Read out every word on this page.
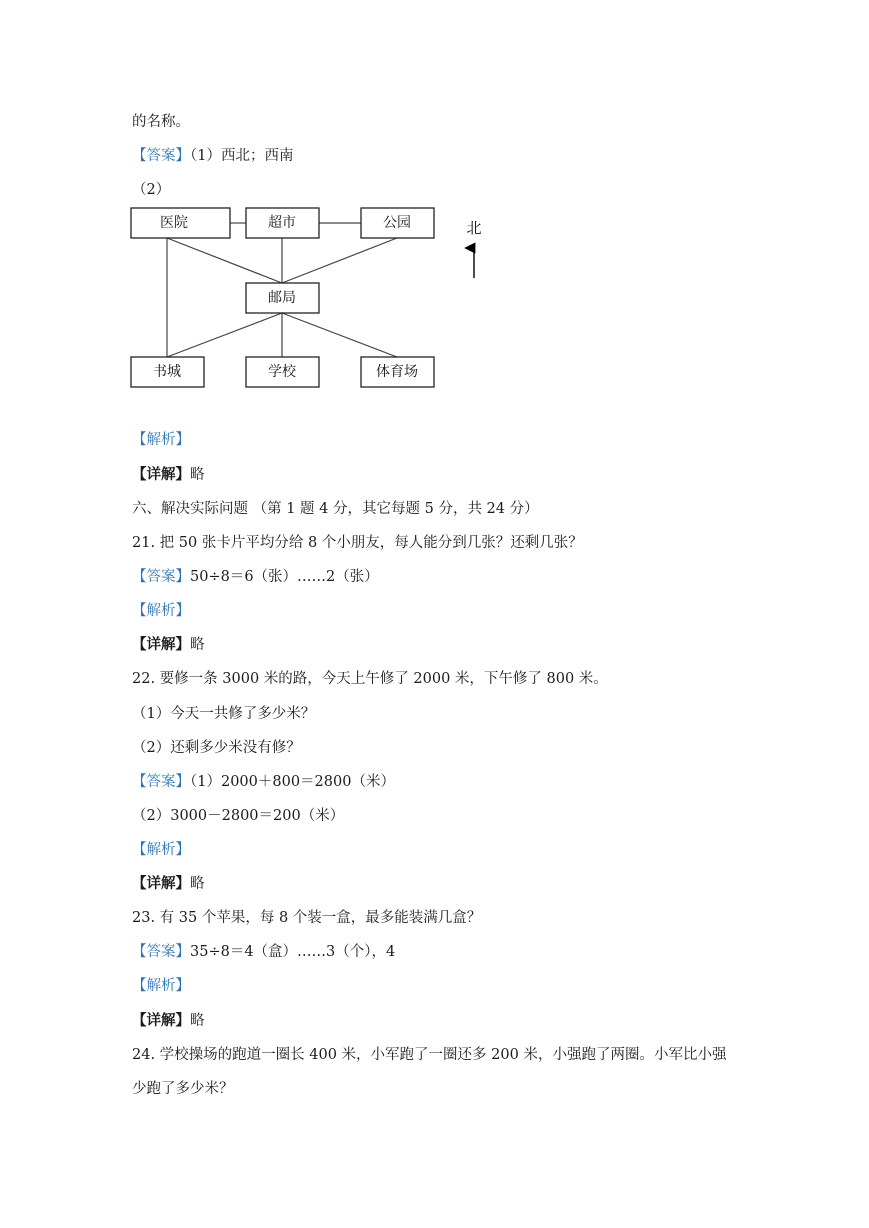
的名称。
【答案】（1）西北；西南
（2）
医院	超市	公园
邮局
书城	学校	体育场
北
【解析】
【详解】略
六、解决实际问题 （第 1 题 4 分，其它每题 5 分，共 24 分）
21. 把 50 张卡片平均分给 8 个小朋友，每人能分到几张？还剩几张？
【答案】50÷8＝6（张）……2（张）
【解析】
【详解】略
22. 要修一条 3000 米的路，今天上午修了 2000 米，下午修了 800 米。
（1）今天一共修了多少米？
（2）还剩多少米没有修？
【答案】（1）2000＋800＝2800（米）
（2）3000－2800＝200（米）
【解析】
【详解】略
23. 有 35 个苹果，每 8 个装一盒，最多能装满几盒？
【答案】35÷8＝4（盒）……3（个），4
【解析】
【详解】略
24. 学校操场的跑道一圈长 400 米，小军跑了一圈还多 200 米，小强跑了两圈。小军比小强
少跑了多少米？
